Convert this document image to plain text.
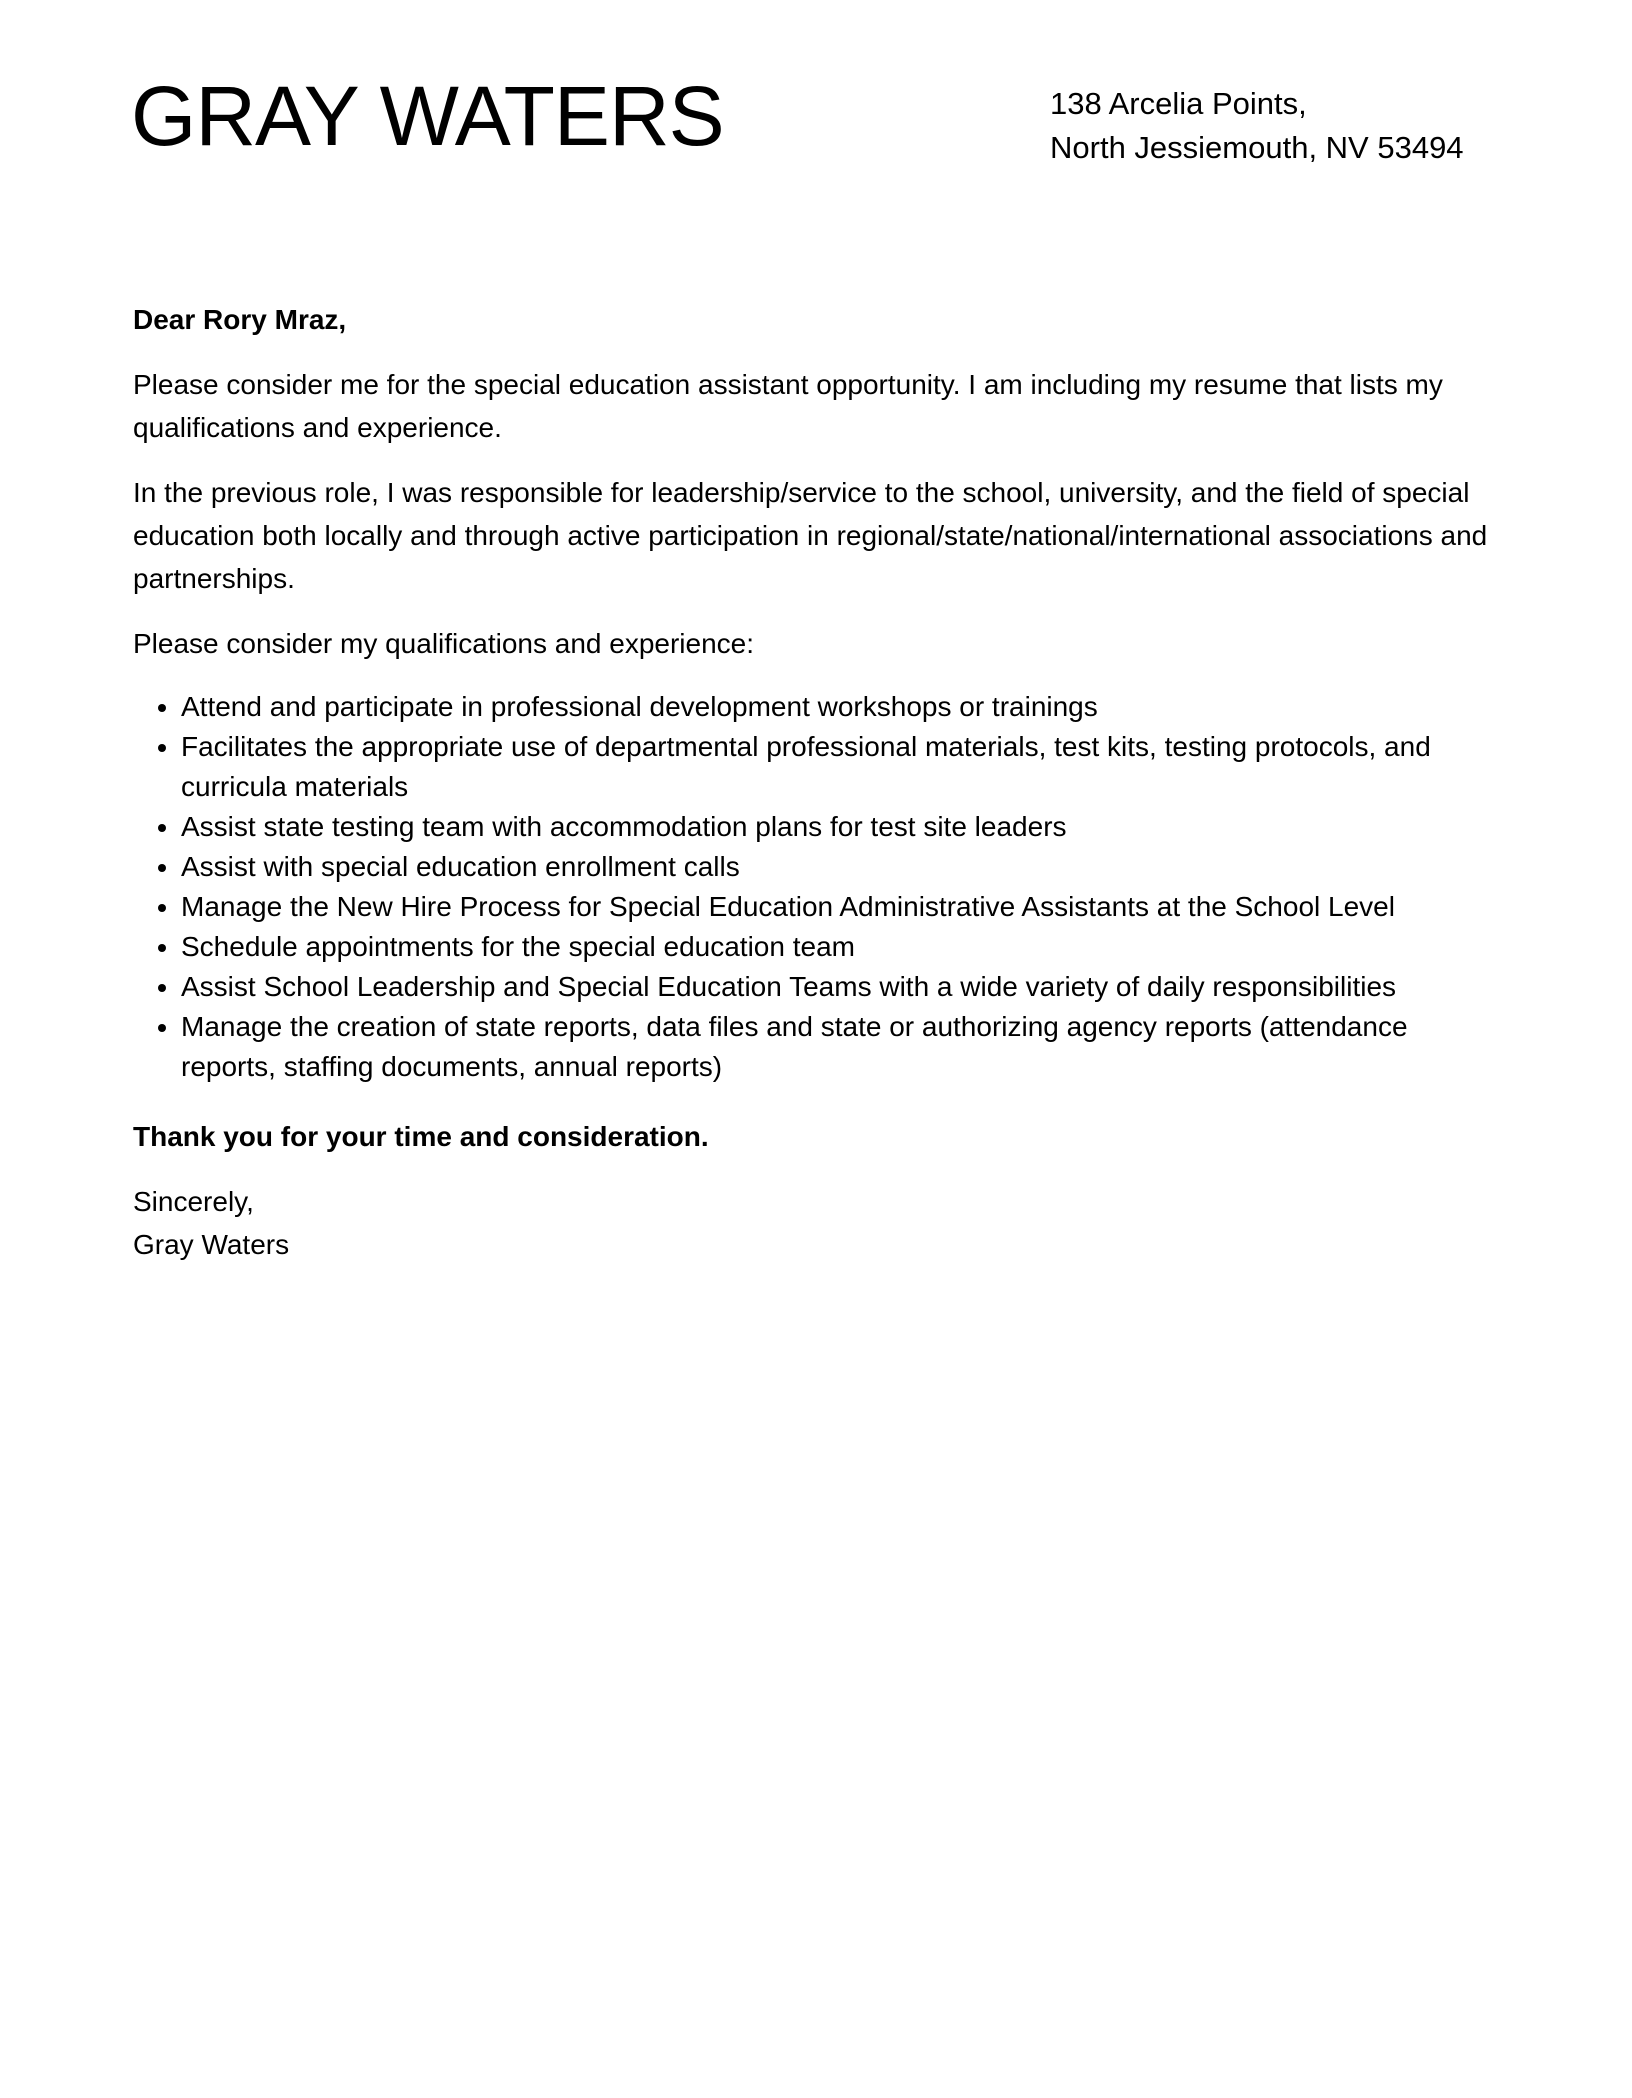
GRAY WATERS	138 Arcelia Points,
North Jessiemouth, NV 53494

Dear Rory Mraz,

Please consider me for the special education assistant opportunity. I am including my resume that lists my qualifications and experience.

In the previous role, I was responsible for leadership/service to the school, university, and the field of special education both locally and through active participation in regional/state/national/international associations and partnerships.

Please consider my qualifications and experience:

• Attend and participate in professional development workshops or trainings
• Facilitates the appropriate use of departmental professional materials, test kits, testing protocols, and curricula materials
• Assist state testing team with accommodation plans for test site leaders
• Assist with special education enrollment calls
• Manage the New Hire Process for Special Education Administrative Assistants at the School Level
• Schedule appointments for the special education team
• Assist School Leadership and Special Education Teams with a wide variety of daily responsibilities
• Manage the creation of state reports, data files and state or authorizing agency reports (attendance reports, staffing documents, annual reports)

Thank you for your time and consideration.

Sincerely,

Gray Waters
